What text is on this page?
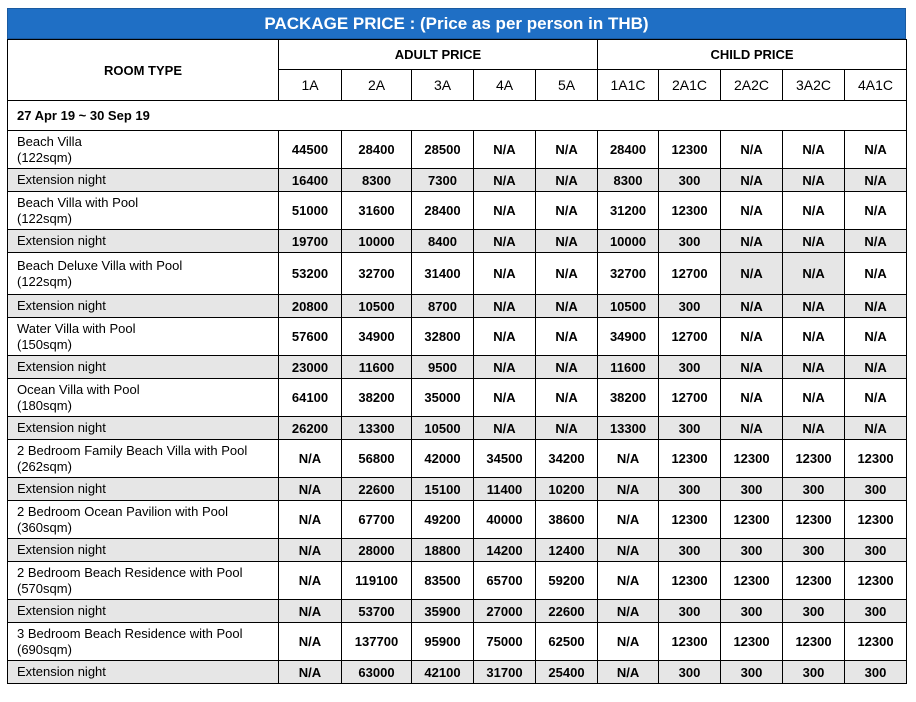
PACKAGE PRICE : (Price as per person in THB)
ROOM TYPE	ADULT PRICE					CHILD PRICE				
	1A	2A	3A	4A	5A	1A1C	2A1C	2A2C	3A2C	4A1C
27 Apr 19 ~ 30 Sep 19										
Beach Villa
(122sqm)	44500	28400	28500	N/A	N/A	28400	12300	N/A	N/A	N/A
Extension night	16400	8300	7300	N/A	N/A	8300	300	N/A	N/A	N/A
Beach Villa with Pool
(122sqm)	51000	31600	28400	N/A	N/A	31200	12300	N/A	N/A	N/A
Extension night	19700	10000	8400	N/A	N/A	10000	300	N/A	N/A	N/A
Beach Deluxe Villa with Pool
(122sqm)	53200	32700	31400	N/A	N/A	32700	12700	N/A	N/A	N/A
Extension night	20800	10500	8700	N/A	N/A	10500	300	N/A	N/A	N/A
Water Villa with Pool
(150sqm)	57600	34900	32800	N/A	N/A	34900	12700	N/A	N/A	N/A
Extension night	23000	11600	9500	N/A	N/A	11600	300	N/A	N/A	N/A
Ocean Villa with Pool
(180sqm)	64100	38200	35000	N/A	N/A	38200	12700	N/A	N/A	N/A
Extension night	26200	13300	10500	N/A	N/A	13300	300	N/A	N/A	N/A
2 Bedroom Family Beach Villa with Pool
(262sqm)	N/A	56800	42000	34500	34200	N/A	12300	12300	12300	12300
Extension night	N/A	22600	15100	11400	10200	N/A	300	300	300	300
2 Bedroom Ocean Pavilion with Pool
(360sqm)	N/A	67700	49200	40000	38600	N/A	12300	12300	12300	12300
Extension night	N/A	28000	18800	14200	12400	N/A	300	300	300	300
2 Bedroom Beach Residence with Pool
(570sqm)	N/A	119100	83500	65700	59200	N/A	12300	12300	12300	12300
Extension night	N/A	53700	35900	27000	22600	N/A	300	300	300	300
3 Bedroom Beach Residence with Pool
(690sqm)	N/A	137700	95900	75000	62500	N/A	12300	12300	12300	12300
Extension night	N/A	63000	42100	31700	25400	N/A	300	300	300	300
